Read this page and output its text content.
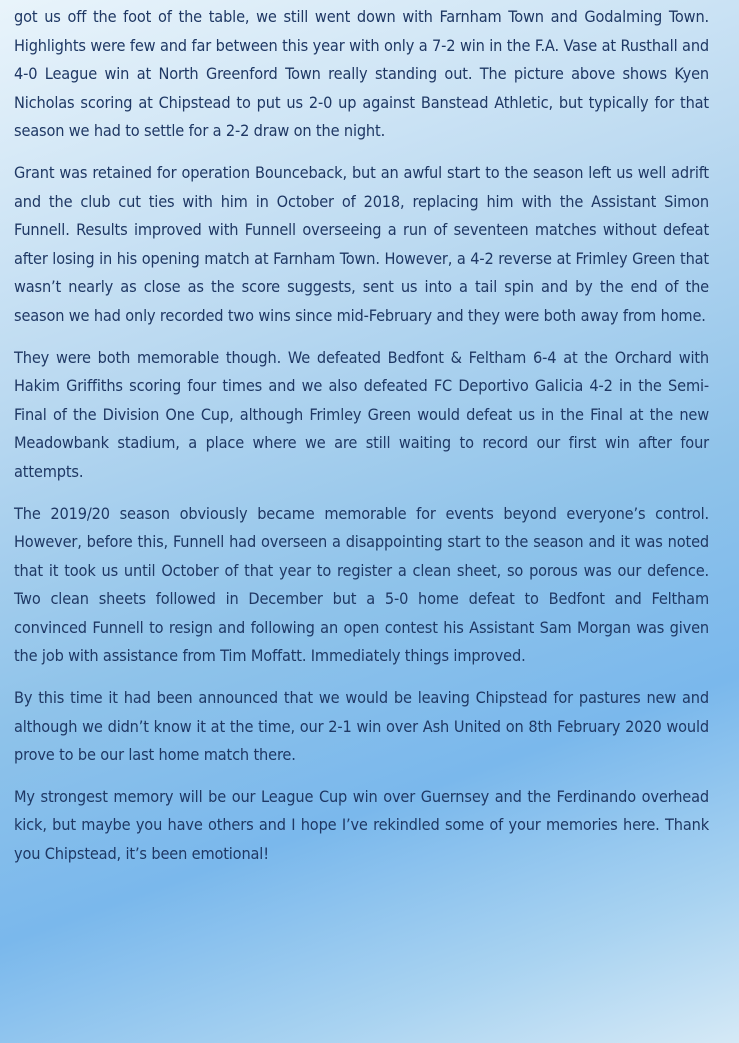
got us off the foot of the table, we still went down with Farnham Town and Godalming Town. Highlights were few and far between this year with only a 7-2 win in the F.A. Vase at Rusthall and 4-0 League win at North Greenford Town really standing out. The picture above shows Kyen Nicholas scoring at Chipstead to put us 2-0 up against Banstead Athletic, but typically for that season we had to settle for a 2-2 draw on the night.

Grant was retained for operation Bounceback, but an awful start to the season left us well adrift and the club cut ties with him in October of 2018, replacing him with the Assistant Simon Funnell. Results improved with Funnell overseeing a run of seventeen matches without defeat after losing in his opening match at Farnham Town. However, a 4-2 reverse at Frimley Green that wasn’t nearly as close as the score suggests, sent us into a tail spin and by the end of the season we had only recorded two wins since mid-February and they were both away from home.

They were both memorable though. We defeated Bedfont & Feltham 6-4 at the Orchard with Hakim Griffiths scoring four times and we also defeated FC Deportivo Galicia 4-2 in the Semi-Final of the Division One Cup, although Frimley Green would defeat us in the Final at the new Meadowbank stadium, a place where we are still waiting to record our first win after four attempts.

The 2019/20 season obviously became memorable for events beyond everyone’s control. However, before this, Funnell had overseen a disappointing start to the season and it was noted that it took us until October of that year to register a clean sheet, so porous was our defence. Two clean sheets followed in December but a 5-0 home defeat to Bedfont and Feltham convinced Funnell to resign and following an open contest his Assistant Sam Morgan was given the job with assistance from Tim Moffatt. Immediately things improved.

By this time it had been announced that we would be leaving Chipstead for pastures new and although we didn’t know it at the time, our 2-1 win over Ash United on 8th February 2020 would prove to be our last home match there.

My strongest memory will be our League Cup win over Guernsey and the Ferdinando overhead kick, but maybe you have others and I hope I’ve rekindled some of your memories here. Thank you Chipstead, it’s been emotional!
